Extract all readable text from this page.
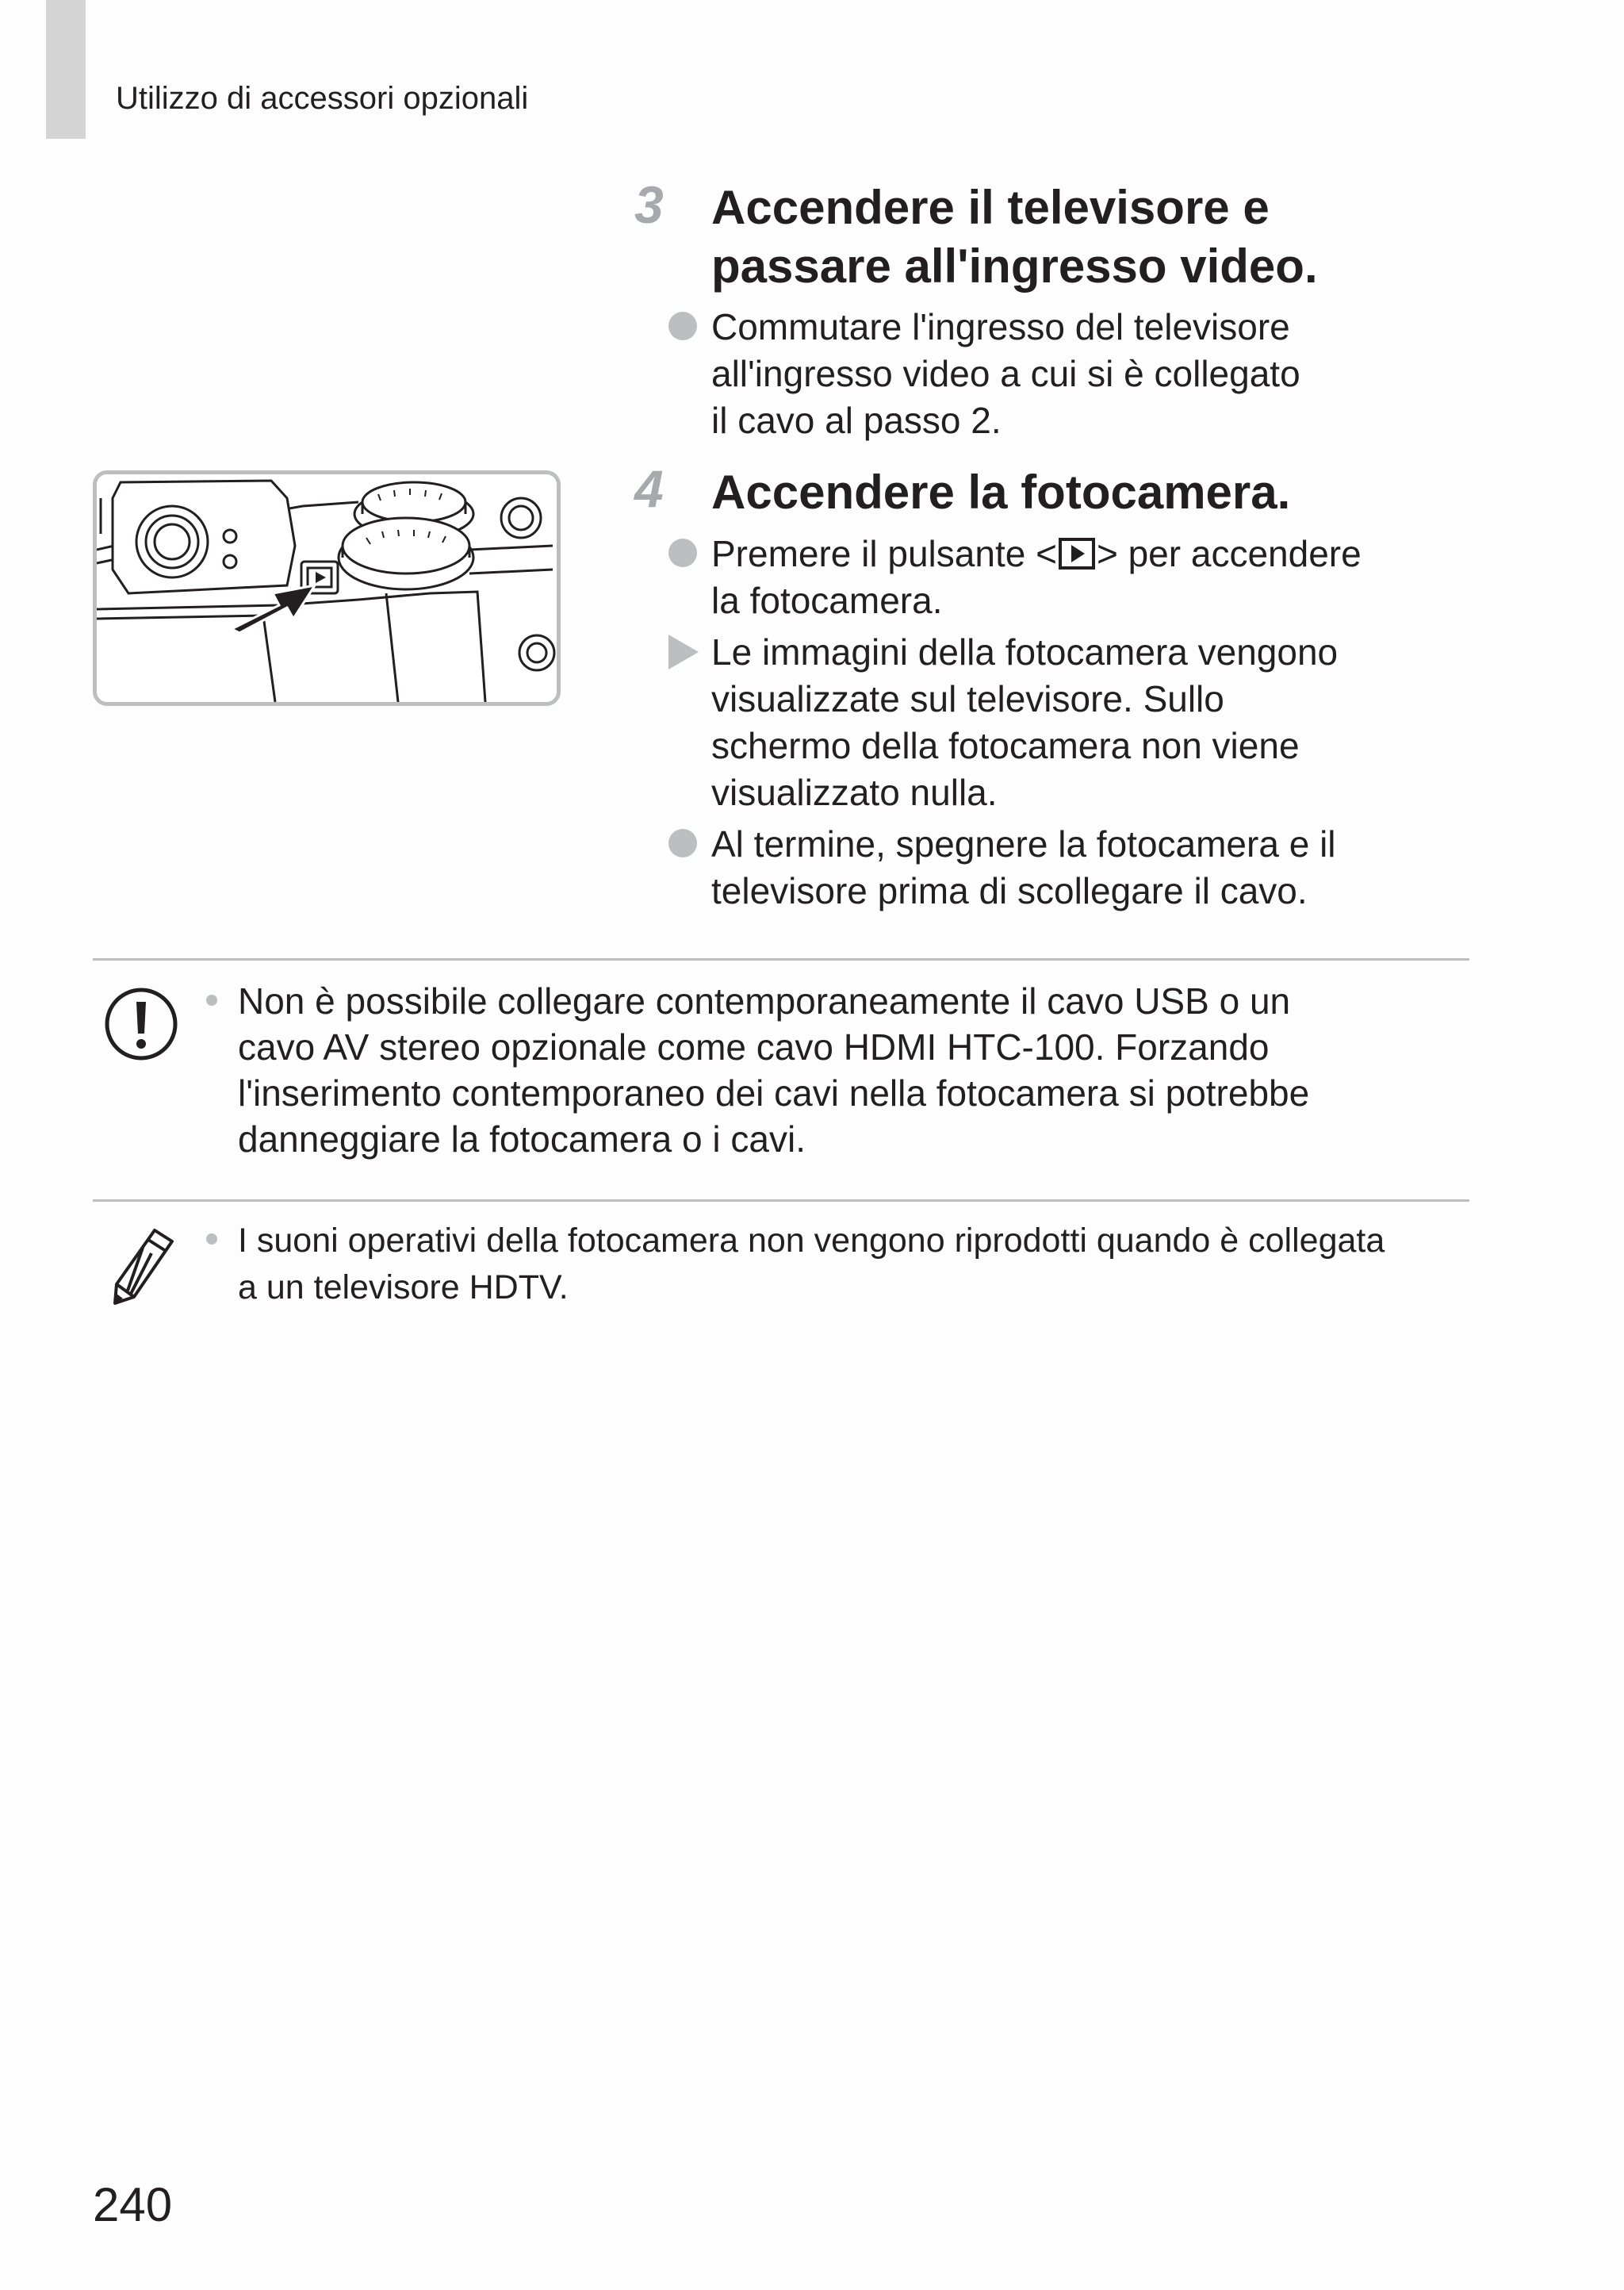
Utilizzo di accessori opzionali
3 Accendere il televisore e
passare all'ingresso video.
Commutare l'ingresso del televisore
all'ingresso video a cui si è collegato
il cavo al passo 2.
4 Accendere la fotocamera.
Premere il pulsante < > per accendere
la fotocamera.
Le immagini della fotocamera vengono
visualizzate sul televisore. Sullo
schermo della fotocamera non viene
visualizzato nulla.
Al termine, spegnere la fotocamera e il
televisore prima di scollegare il cavo.
Non è possibile collegare contemporaneamente il cavo USB o un
cavo AV stereo opzionale come cavo HDMI HTC-100. Forzando
l'inserimento contemporaneo dei cavi nella fotocamera si potrebbe
danneggiare la fotocamera o i cavi.
I suoni operativi della fotocamera non vengono riprodotti quando è collegata
a un televisore HDTV.
240
